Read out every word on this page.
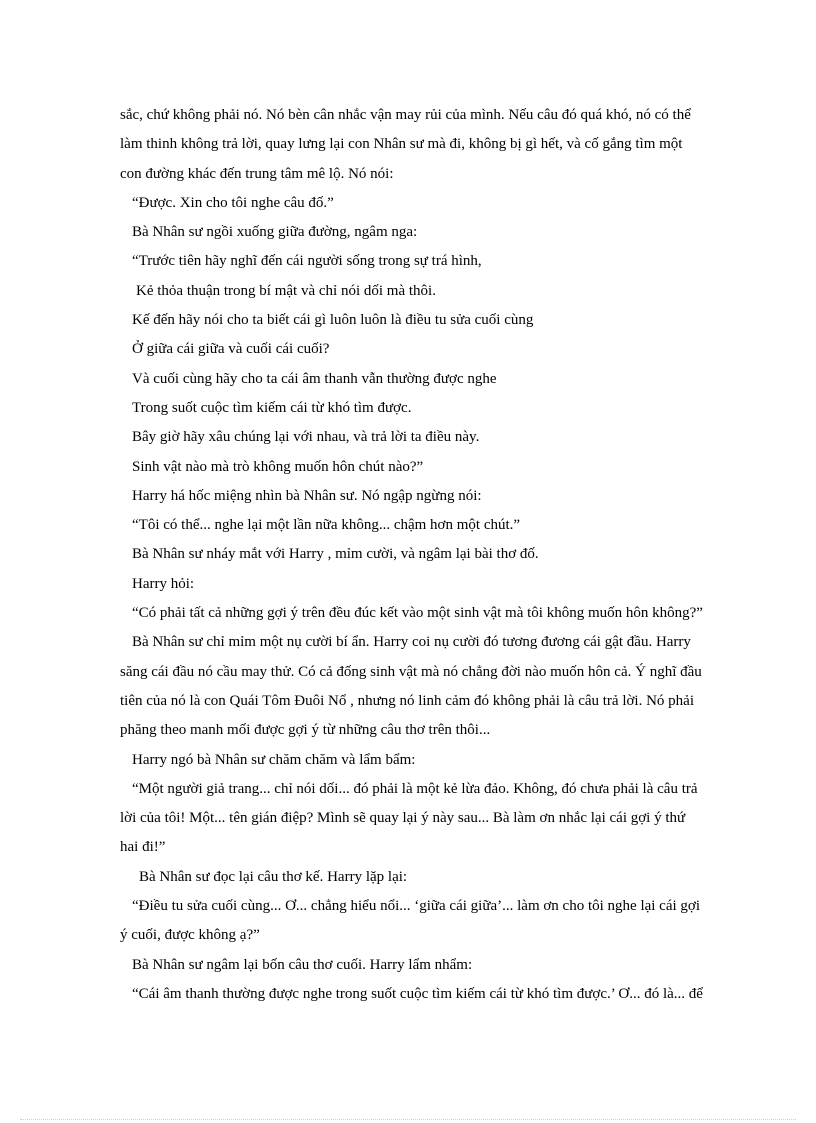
sắc, chứ không phải nó. Nó bèn cân nhắc vận may rủi của mình. Nếu câu đó quá khó, nó có thể
làm thinh không trả lời, quay lưng lại con Nhân sư mà đi, không bị gì hết, và cố gắng tìm một
con đường khác đến trung tâm mê lộ. Nó nói:
“Được. Xin cho tôi nghe câu đố.”
Bà Nhân sư ngồi xuống giữa đường, ngâm nga:
“Trước tiên hãy nghĩ đến cái người sống trong sự trá hình,
Kẻ thỏa thuận trong bí mật và chỉ nói dối mà thôi.
Kế đến hãy nói cho ta biết cái gì luôn luôn là điều tu sửa cuối cùng
Ở giữa cái giữa và cuối cái cuối?
Và cuối cùng hãy cho ta cái âm thanh vẫn thường được nghe
Trong suốt cuộc tìm kiếm cái từ khó tìm được.
Bây giờ hãy xâu chúng lại với nhau, và trả lời ta điều này.
Sinh vật nào mà trò không muốn hôn chút nào?”
Harry há hốc miệng nhìn bà Nhân sư. Nó ngập ngừng nói:
“Tôi có thể... nghe lại một lần nữa không... chậm hơn một chút.”
Bà Nhân sư nháy mắt với Harry , mỉm cười, và ngâm lại bài thơ đố.
Harry hỏi:
“Có phải tất cả những gợi ý trên đều đúc kết vào một sinh vật mà tôi không muốn hôn không?”
Bà Nhân sư chỉ mỉm một nụ cười bí ẩn. Harry coi nụ cười đó tương đương cái gật đầu. Harry
săng cái đầu nó cầu may thử. Có cả đống sinh vật mà nó chẳng đời nào muốn hôn cả. Ý nghĩ đầu
tiên của nó là con Quái Tôm Đuôi Nổ , nhưng nó linh cảm đó không phải là câu trả lời. Nó phải
phăng theo manh mối được gợi ý từ những câu thơ trên thôi...
Harry ngó bà Nhân sư chăm chăm và lẩm bẩm:
“Một người giả trang... chỉ nói dối... đó phải là một kẻ lừa đảo. Không, đó chưa phải là câu trả
lời của tôi! Một... tên gián điệp? Mình sẽ quay lại ý này sau... Bà làm ơn nhắc lại cái gợi ý thứ
hai đi!”
Bà Nhân sư đọc lại câu thơ kế. Harry lặp lại:
“Điều tu sửa cuối cùng... Ơ... chẳng hiểu nổi... ‘giữa cái giữa’... làm ơn cho tôi nghe lại cái gợi
ý cuối, được không ạ?”
Bà Nhân sư ngâm lại bốn câu thơ cuối. Harry lẩm nhẩm:
“Cái âm thanh thường được nghe trong suốt cuộc tìm kiếm cái từ khó tìm được.’ Ơ... đó là... để
